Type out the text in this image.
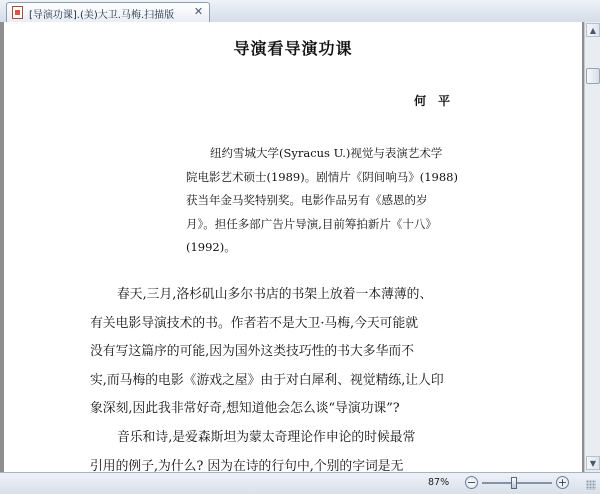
[导演功课].(美)大卫.马梅.扫描版 ✕
导演看导演功课
何　平
纽约雪城大学(Syracus U.)视觉与表演艺术学
院电影艺术硕士(1989)。剧情片《阴间响马》(1988)
获当年金马奖特别奖。电影作品另有《感恩的岁
月》。担任多部广告片导演,目前筹拍新片《十八》
(1992)。
春天,三月,洛杉矶山多尔书店的书架上放着一本薄薄的、
有关电影导演技术的书。作者若不是大卫·马梅,今天可能就
没有写这篇序的可能,因为国外这类技巧性的书大多华而不
实,而马梅的电影《游戏之屋》由于对白犀利、视觉精练,让人印
象深刻,因此我非常好奇,想知道他会怎么谈“导演功课”?
音乐和诗,是爱森斯坦为蒙太奇理论作申论的时候最常
引用的例子,为什么? 因为在诗的行句中,个别的字词是无
▲
▼
87% −	+
